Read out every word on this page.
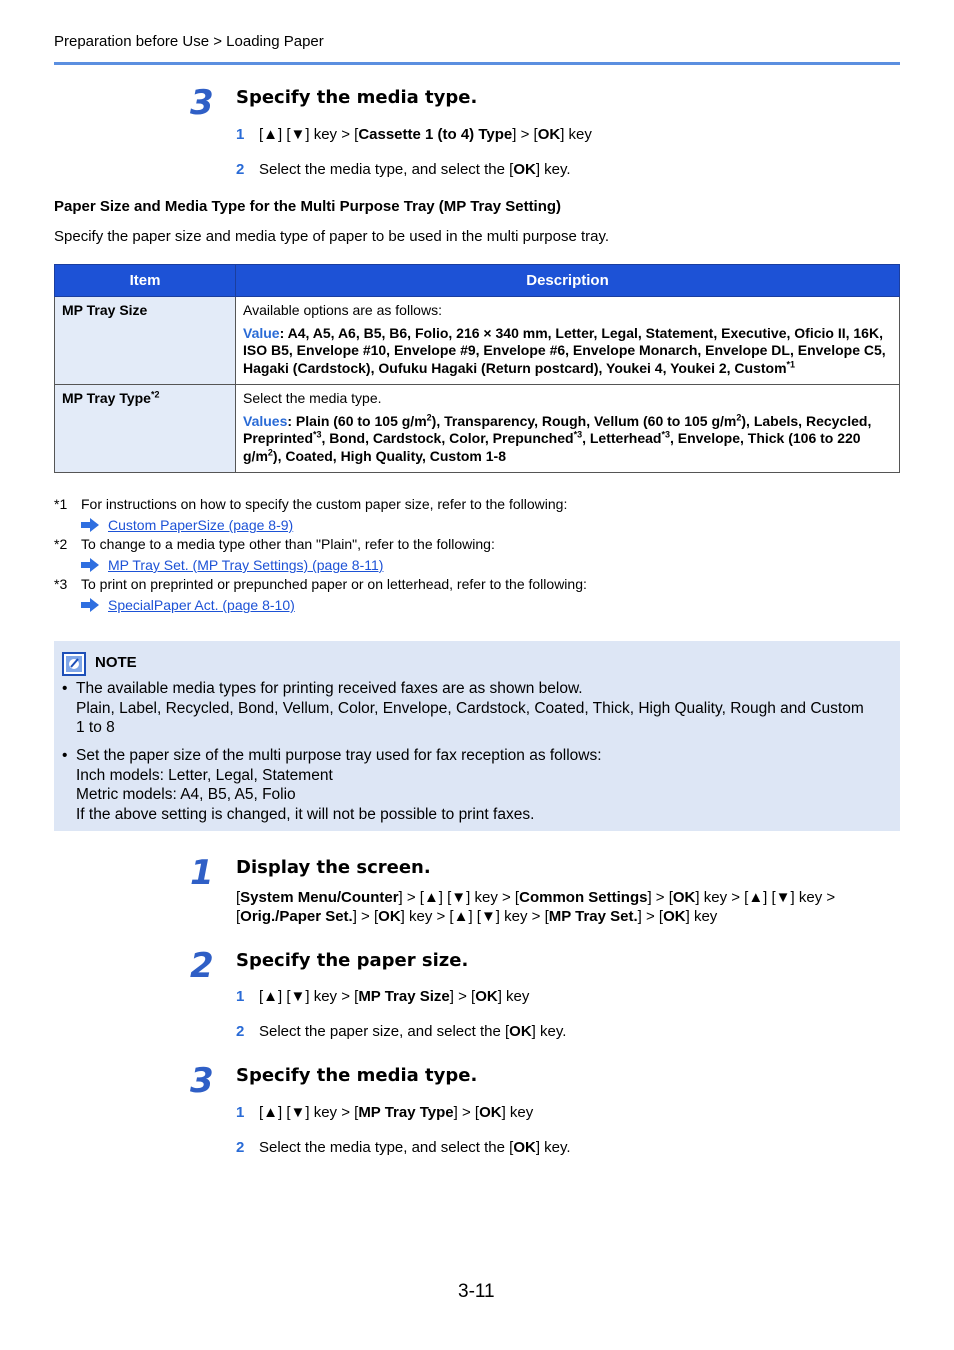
Preparation before Use > Loading Paper
3 Specify the media type.
1 [▲] [▼] key > [Cassette 1 (to 4) Type] > [OK] key
2 Select the media type, and select the [OK] key.
Paper Size and Media Type for the Multi Purpose Tray (MP Tray Setting)
Specify the paper size and media type of paper to be used in the multi purpose tray.
Item	Description
MP Tray Size	Available options are as follows:
Value: A4, A5, A6, B5, B6, Folio, 216 × 340 mm, Letter, Legal, Statement, Executive, Oficio II, 16K, ISO B5, Envelope #10, Envelope #9, Envelope #6, Envelope Monarch, Envelope DL, Envelope C5, Hagaki (Cardstock), Oufuku Hagaki (Return postcard), Youkei 4, Youkei 2, Custom$^{*1}$

MP Tray Type$^{*2}$	Select the media type.
Values: Plain (60 to 105 $g/m^2$), Transparency, Rough, Vellum (60 to 105 $g/m^2$), Labels, Recycled, Preprinted$^{*3}$, Bond, Cardstock, Color, Prepunched$^{*3}$, Letterhead$^{*3}$, Envelope, Thick (106 to 220 $g/m^2$), Coated, High Quality, Custom 1-8
*1 For instructions on how to specify the custom paper size, refer to the following:
Custom PaperSize (page 8-9)
*2 To change to a media type other than "Plain", refer to the following:
MP Tray Set. (MP Tray Settings) (page 8-11)
*3 To print on preprinted or prepunched paper or on letterhead, refer to the following:
SpecialPaper Act. (page 8-10)
NOTE
• The available media types for printing received faxes are as shown below.
Plain, Label, Recycled, Bond, Vellum, Color, Envelope, Cardstock, Coated, Thick, High Quality, Rough and Custom
1 to 8
• Set the paper size of the multi purpose tray used for fax reception as follows:
Inch models: Letter, Legal, Statement
Metric models: A4, B5, A5, Folio
If the above setting is changed, it will not be possible to print faxes.
1 Display the screen.
[System Menu/Counter] > [▲] [▼] key > [Common Settings] > [OK] key > [▲] [▼] key >
[Orig./Paper Set.] > [OK] key > [▲] [▼] key > [MP Tray Set.] > [OK] key
2 Specify the paper size.
1 [▲] [▼] key > [MP Tray Size] > [OK] key
2 Select the paper size, and select the [OK] key.
3 Specify the media type.
1 [▲] [▼] key > [MP Tray Type] > [OK] key
2 Select the media type, and select the [OK] key.
3-11
